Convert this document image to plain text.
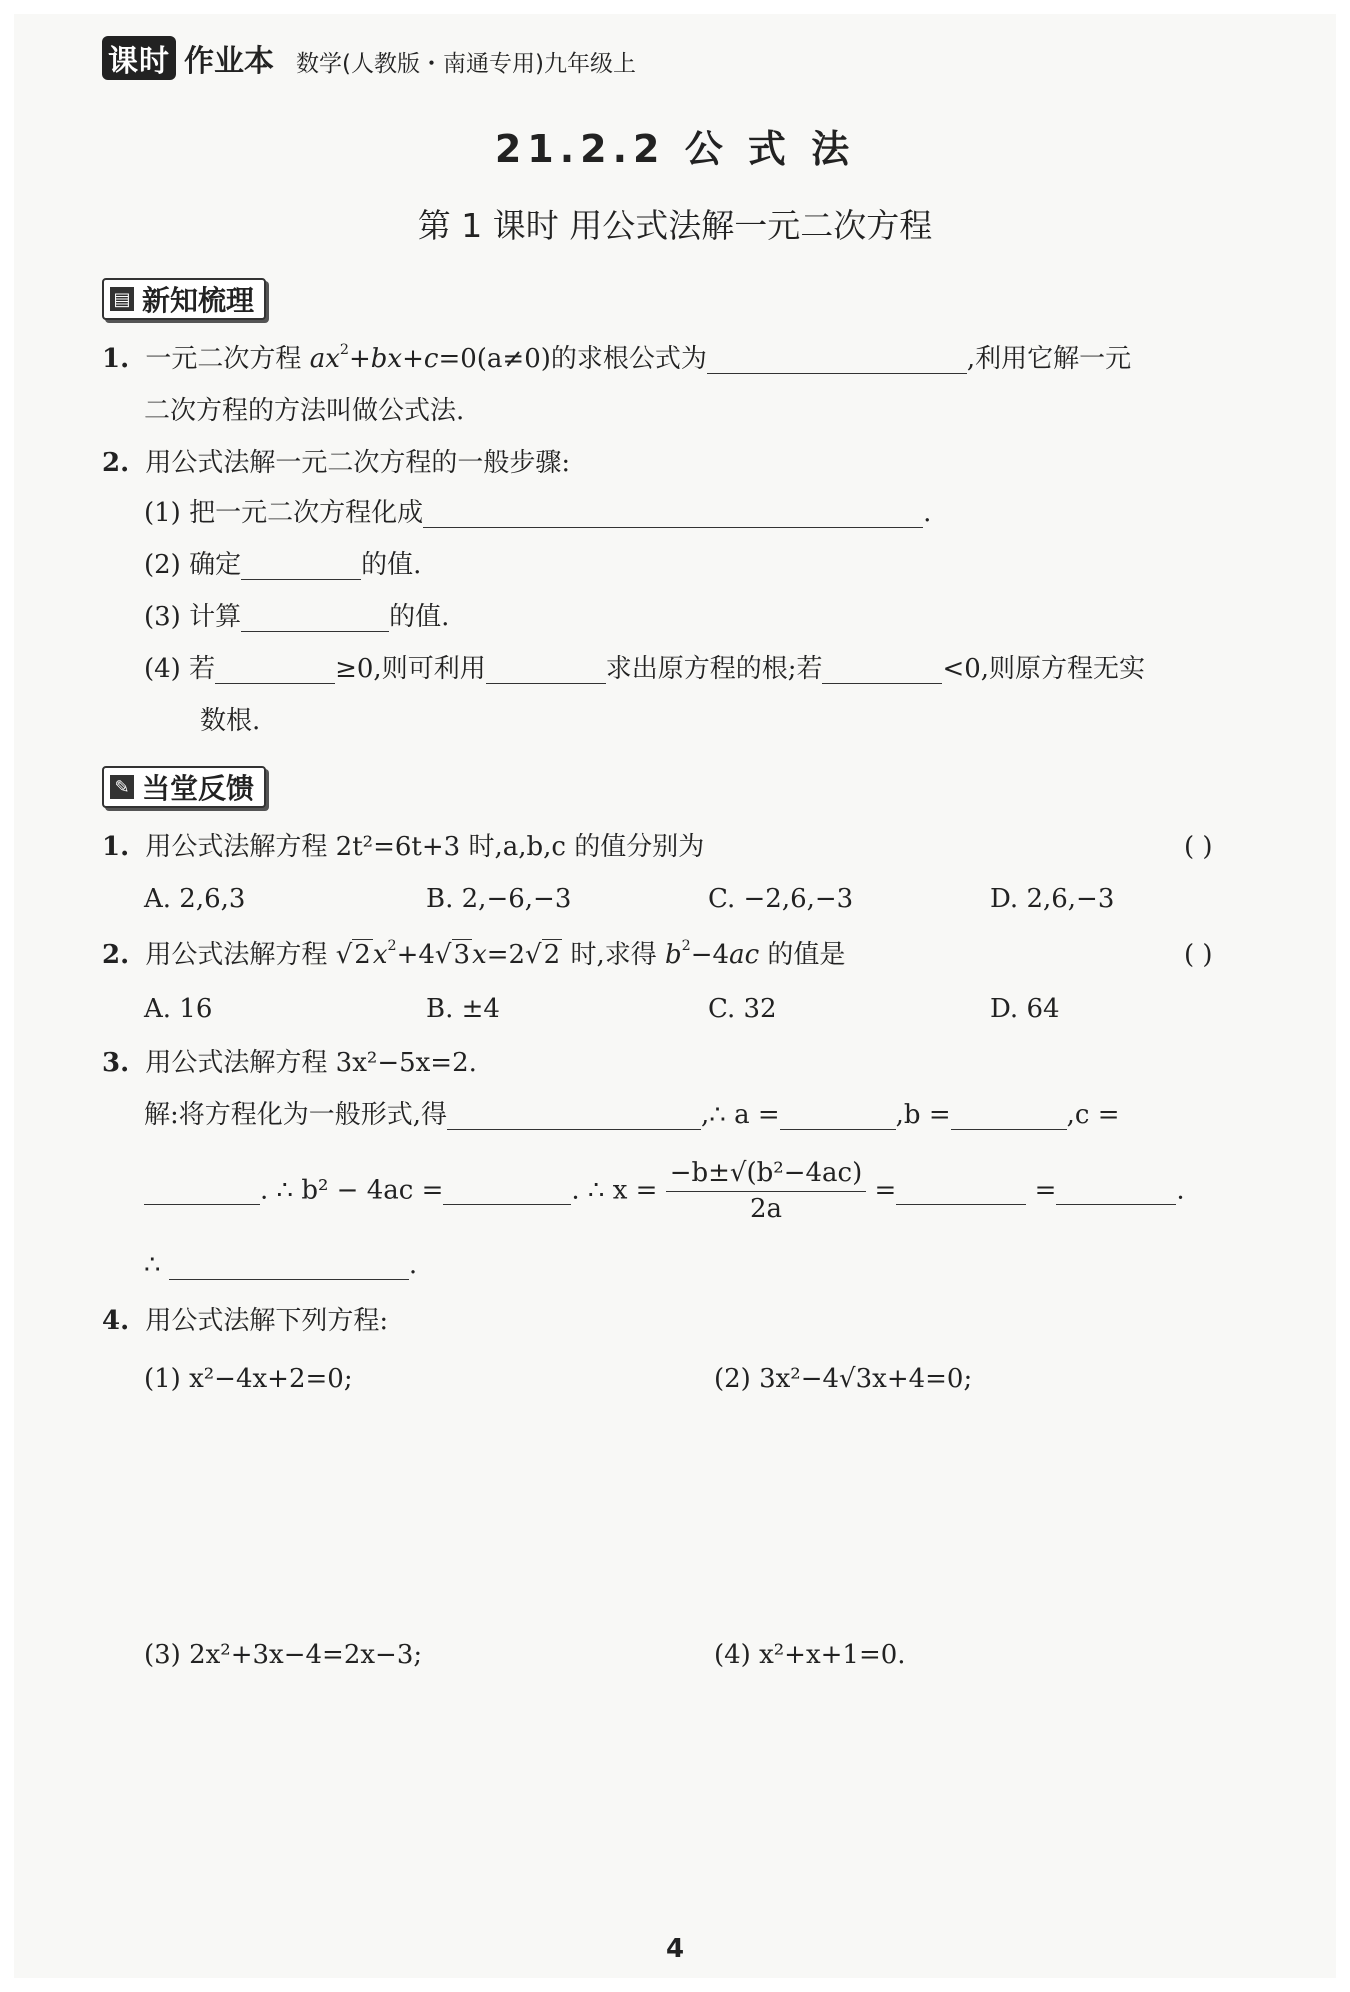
课时 作业本 数学(人教版・南通专用)九年级上
21.2.2 公 式 法
第 1 课时 用公式法解一元二次方程
▤ 新知梳理
1. 一元二次方程 $ax^2+bx+c=0(a\ne 0)$的求根公式为	,利用它解一元
二次方程的方法叫做公式法.
2. 用公式法解一元二次方程的一般步骤:
(1) 把一元二次方程化成	.
(2) 确定	的值.
(3) 计算	的值.
(4) 若	≥0,则可利用	求出原方程的根;若	<0,则原方程无实
数根.
✎ 当堂反馈
1. 用公式法解方程 2t²=6t+3 时,a,b,c 的值分别为	( )
A. 2,6,3	B. 2,−6,−3	C. −2,6,−3	D. 2,6,−3
2. 用公式法解方程 $√2x^2+4√3x=2√2$ 时,求得 $b^2-4ac$ 的值是	( )
A. 16	B. ±4	C. 32	D. 64
3. 用公式法解方程 3x²−5x=2.
解:将方程化为一般形式,得	,∴ a =	,b =	,c =
. ∴ b² − 4ac =	. ∴ $x = \frac{\text{−b±√(b²−4ac)}}{2a}$ =	=	.
∴	.
4. 用公式法解下列方程:
(1) x²−4x+2=0;	(2) 3x²−4√3x+4=0;
(3) 2x²+3x−4=2x−3;	(4) x²+x+1=0.
4
